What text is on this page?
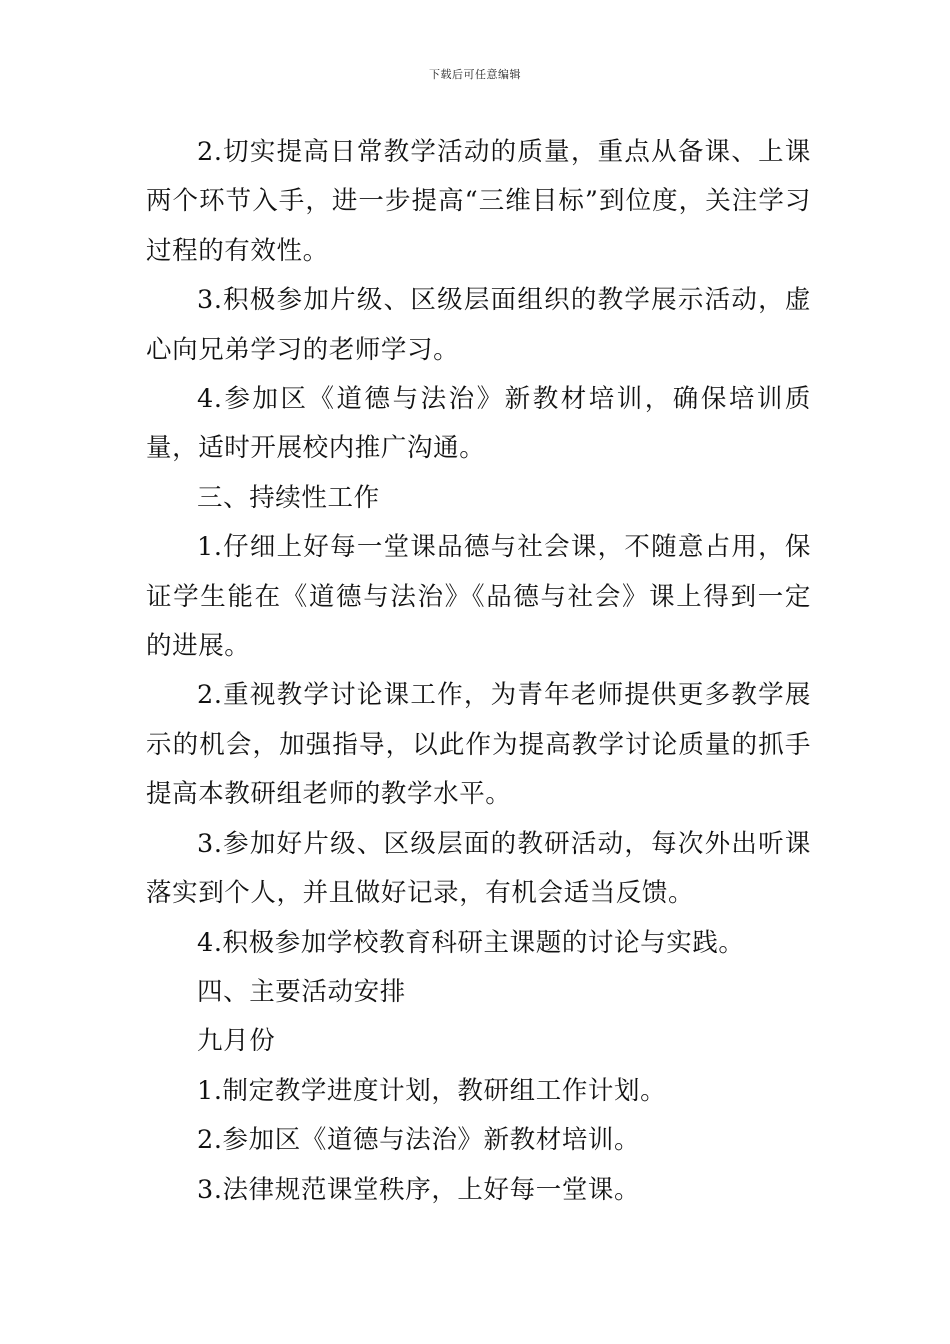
下载后可任意编辑

2.切实提高日常教学活动的质量，重点从备课、上课两个环节入手，进一步提高“三维目标”到位度，关注学习过程的有效性。

3.积极参加片级、区级层面组织的教学展示活动，虚心向兄弟学习的老师学习。

4.参加区《道德与法治》新教材培训，确保培训质量，适时开展校内推广沟通。

三、持续性工作

1.仔细上好每一堂课品德与社会课，不随意占用，保证学生能在《道德与法治》《品德与社会》课上得到一定的进展。

2.重视教学讨论课工作，为青年老师提供更多教学展示的机会，加强指导，以此作为提高教学讨论质量的抓手提高本教研组老师的教学水平。

3.参加好片级、区级层面的教研活动，每次外出听课落实到个人，并且做好记录，有机会适当反馈。

4.积极参加学校教育科研主课题的讨论与实践。

四、主要活动安排

九月份

1.制定教学进度计划，教研组工作计划。

2.参加区《道德与法治》新教材培训。

3.法律规范课堂秩序，上好每一堂课。
